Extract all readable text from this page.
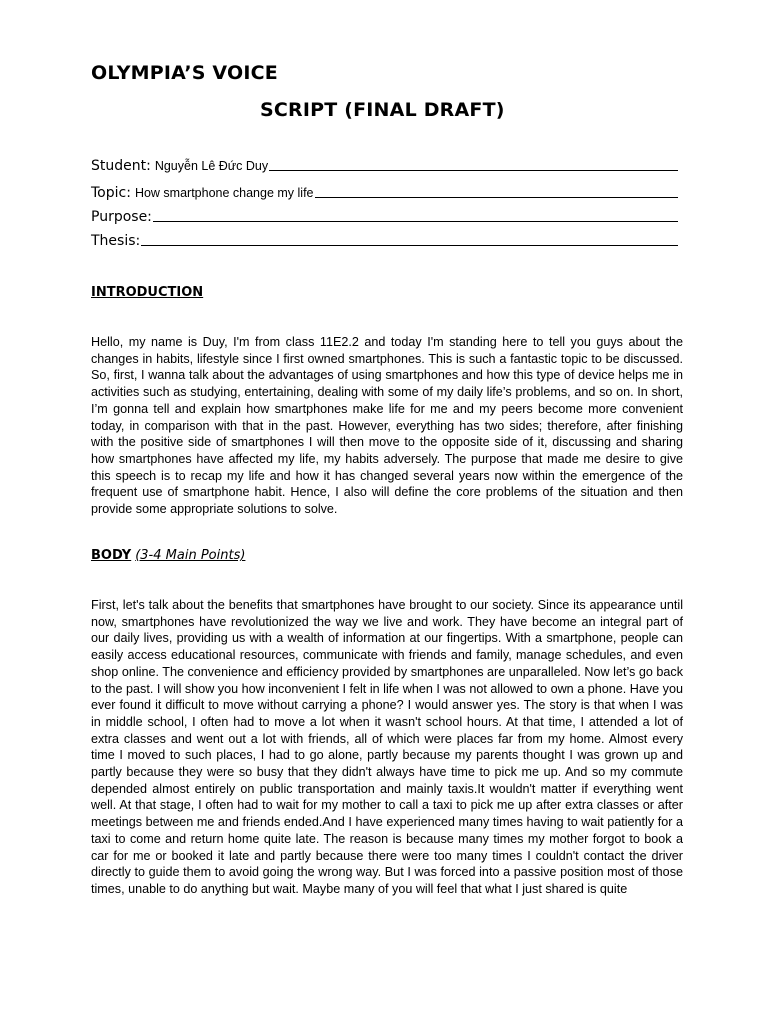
OLYMPIA’S VOICE
SCRIPT (FINAL DRAFT)
Student: Nguyễn Lê Đức Duy
Topic: How smartphone change my life
Purpose:
Thesis:
INTRODUCTION

Hello, my name is Duy, I'm from class 11E2.2 and today I'm standing here to tell you guys about the changes in habits, lifestyle since I first owned smartphones. This is such a fantastic topic to be discussed. So, first, I wanna talk about the advantages of using smartphones and how this type of device helps me in activities such as studying, entertaining, dealing with some of my daily life’s problems, and so on. In short, I’m gonna tell and explain how smartphones make life for me and my peers become more convenient today, in comparison with that in the past. However, everything has two sides; therefore, after finishing with the positive side of smartphones I will then move to the opposite side of it, discussing and sharing how smartphones have affected my life, my habits adversely. The purpose that made me desire to give this speech is to recap my life and how it has changed several years now within the emergence of the frequent use of smartphone habit. Hence, I also will define the core problems of the situation and then provide some appropriate solutions to solve.

BODY (3-4 Main Points)

First, let's talk about the benefits that smartphones have brought to our society. Since its appearance until now, smartphones have revolutionized the way we live and work. They have become an integral part of our daily lives, providing us with a wealth of information at our fingertips. With a smartphone, people can easily access educational resources, communicate with friends and family, manage schedules, and even shop online. The convenience and efficiency provided by smartphones are unparalleled. Now let’s go back to the past. I will show you how inconvenient I felt in life when I was not allowed to own a phone. Have you ever found it difficult to move without carrying a phone? I would answer yes. The story is that when I was in middle school, I often had to move a lot when it wasn't school hours. At that time, I attended a lot of extra classes and went out a lot with friends, all of which were places far from my home. Almost every time I moved to such places, I had to go alone, partly because my parents thought I was grown up and partly because they were so busy that they didn't always have time to pick me up. And so my commute depended almost entirely on public transportation and mainly taxis.It wouldn't matter if everything went well. At that stage, I often had to wait for my mother to call a taxi to pick me up after extra classes or after meetings between me and friends ended.And I have experienced many times having to wait patiently for a taxi to come and return home quite late. The reason is because many times my mother forgot to book a car for me or booked it late and partly because there were too many times I couldn't contact the driver directly to guide them to avoid going the wrong way. But I was forced into a passive position most of those times, unable to do anything but wait. Maybe many of you will feel that what I just shared is quite
